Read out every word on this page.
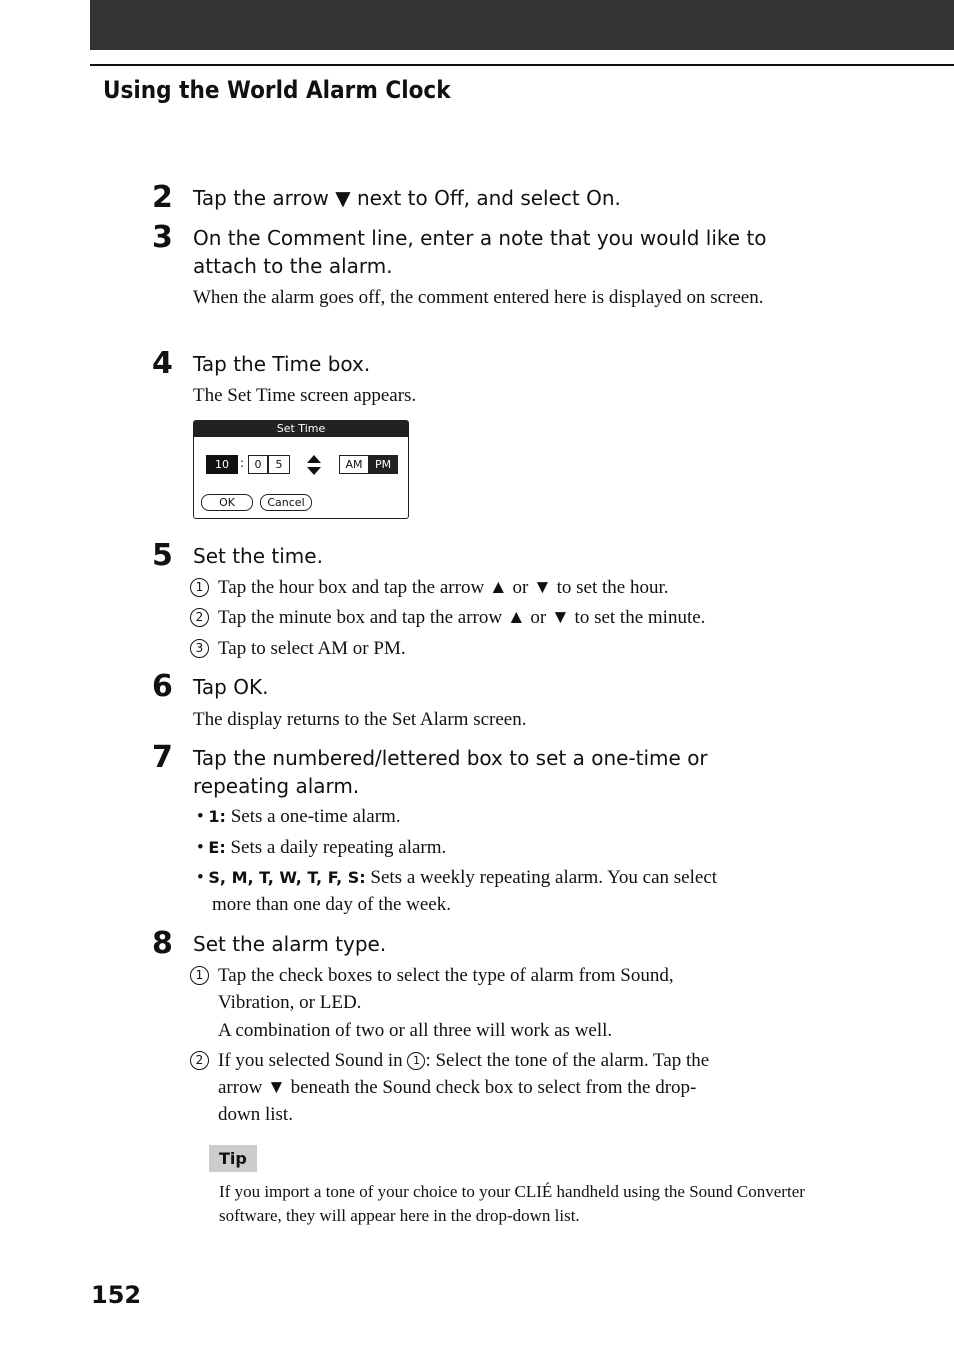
Using the World Alarm Clock
2 Tap the arrow ▼ next to Off, and select On.
3 On the Comment line, enter a note that you would like to attach to the alarm.
When the alarm goes off, the comment entered here is displayed on screen.
4 Tap the Time box.
The Set Time screen appears.
Set Time
10 : 0	5	AM	PM
OK	Cancel
5 Set the time.
1 Tap the hour box and tap the arrow ▲ or ▼ to set the hour.
2 Tap the minute box and tap the arrow ▲ or ▼ to set the minute.
3 Tap to select AM or PM.
6 Tap OK.
The display returns to the Set Alarm screen.
7 Tap the numbered/lettered box to set a one-time or repeating alarm.
• 1: Sets a one-time alarm.
• E: Sets a daily repeating alarm.
• S, M, T, W, T, F, S: Sets a weekly repeating alarm. You can select
more than one day of the week.
8 Set the alarm type.
1 Tap the check boxes to select the type of alarm from Sound,
Vibration, or LED.
A combination of two or all three will work as well.
2 If you selected Sound in 1 : Select the tone of the alarm. Tap the
arrow ▼ beneath the Sound check box to select from the drop-
down list.
Tip
If you import a tone of your choice to your CLIÉ handheld using the Sound Converter software, they will appear here in the drop-down list.
152
